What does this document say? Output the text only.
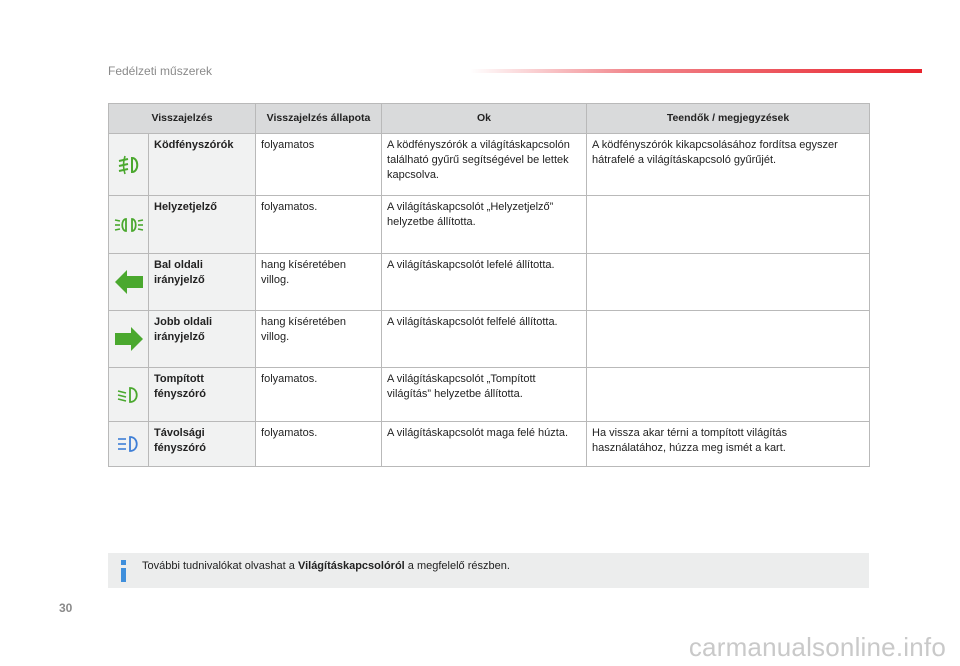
Fedélzeti műszerek
Visszajelzés		Visszajelzés állapota	Ok	Teendők / megjegyzések

	Ködfényszórók	folyamatos	A ködfényszórók a világításkapcsolón található gyűrű segítségével be lettek kapcsolva.	A ködfényszórók kikapcsolásához fordítsa egyszer hátrafelé a világításkapcsoló gyűrűjét.

	Helyzetjelző	folyamatos.	A világításkapcsolót „Helyzetjelző” helyzetbe állította.	

	Bal oldali irányjelző	hang kíséretében villog.	A világításkapcsolót lefelé állította.	

	Jobb oldali irányjelző	hang kíséretében villog.	A világításkapcsolót felfelé állította.	

	Tompított fényszóró	folyamatos.	A világításkapcsolót „Tompított világítás” helyzetbe állította.	

	Távolsági fényszóró	folyamatos.	A világításkapcsolót maga felé húzta.	Ha vissza akar térni a tompított világítás használatához, húzza meg ismét a kart.
További tudnivalókat olvashat a Világításkapcsolóról a megfelelő részben.
30
carmanualsonline.info
